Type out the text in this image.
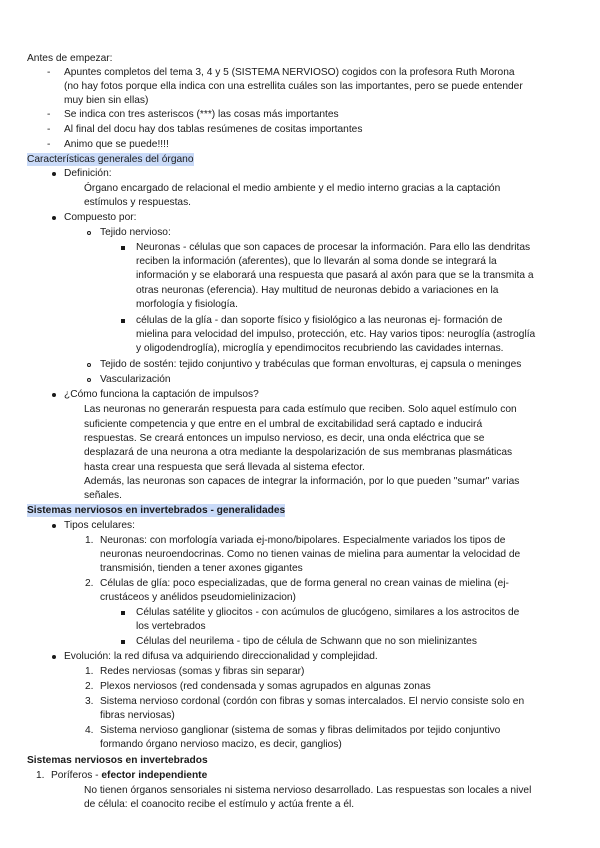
Antes de empezar:
- Apuntes completos del tema 3, 4 y 5 (SISTEMA NERVIOSO) cogidos con la profesora Ruth Morona
(no hay fotos porque ella indica con una estrellita cuáles son las importantes, pero se puede entender
muy bien sin ellas)
- Se indica con tres asteriscos (***) las cosas más importantes
- Al final del docu hay dos tablas resúmenes de cositas importantes
- Animo que se puede!!!!
Características generales del órgano
Definición:
Órgano encargado de relacional el medio ambiente y el medio interno gracias a la captación
estímulos y respuestas.
Compuesto por:
Tejido nervioso:
Neuronas - células que son capaces de procesar la información. Para ello las dendritas
reciben la información (aferentes), que lo llevarán al soma donde se integrará la
información y se elaborará una respuesta que pasará al axón para que se la transmita a
otras neuronas (eferencia). Hay multitud de neuronas debido a variaciones en la
morfología y fisiología.
células de la glía - dan soporte físico y fisiológico a las neuronas ej- formación de
mielina para velocidad del impulso, protección, etc. Hay varios tipos: neuroglía (astroglía
y oligodendroglía), microglía y ependimocitos recubriendo las cavidades internas.
Tejido de sostén: tejido conjuntivo y trabéculas que forman envolturas, ej capsula o meninges
Vascularización
¿Cómo funciona la captación de impulsos?
Las neuronas no generarán respuesta para cada estímulo que reciben. Solo aquel estímulo con
suficiente competencia y que entre en el umbral de excitabilidad será captado e inducirá
respuestas. Se creará entonces un impulso nervioso, es decir, una onda eléctrica que se
desplazará de una neurona a otra mediante la despolarización de sus membranas plasmáticas
hasta crear una respuesta que será llevada al sistema efector.
Además, las neuronas son capaces de integrar la información, por lo que pueden "sumar" varias
señales.
Sistemas nerviosos en invertebrados - generalidades
Tipos celulares:
1. Neuronas: con morfología variada ej-mono/bipolares. Especialmente variados los tipos de
neuronas neuroendocrinas. Como no tienen vainas de mielina para aumentar la velocidad de
transmisión, tienden a tener axones gigantes
2. Células de glía: poco especializadas, que de forma general no crean vainas de mielina (ej-
crustáceos y anélidos pseudomielinizacion)
Células satélite y gliocitos - con acúmulos de glucógeno, similares a los astrocitos de
los vertebrados
Células del neurilema - tipo de célula de Schwann que no son mielinizantes
Evolución: la red difusa va adquiriendo direccionalidad y complejidad.
1. Redes nerviosas (somas y fibras sin separar)
2. Plexos nerviosos (red condensada y somas agrupados en algunas zonas
3. Sistema nervioso cordonal (cordón con fibras y somas intercalados. El nervio consiste solo en
fibras nerviosas)
4. Sistema nervioso ganglionar (sistema de somas y fibras delimitados por tejido conjuntivo
formando órgano nervioso macizo, es decir, ganglios)
Sistemas nerviosos en invertebrados
1. Poríferos - efector independiente
No tienen órganos sensoriales ni sistema nervioso desarrollado. Las respuestas son locales a nivel
de célula: el coanocito recibe el estímulo y actúa frente a él.
